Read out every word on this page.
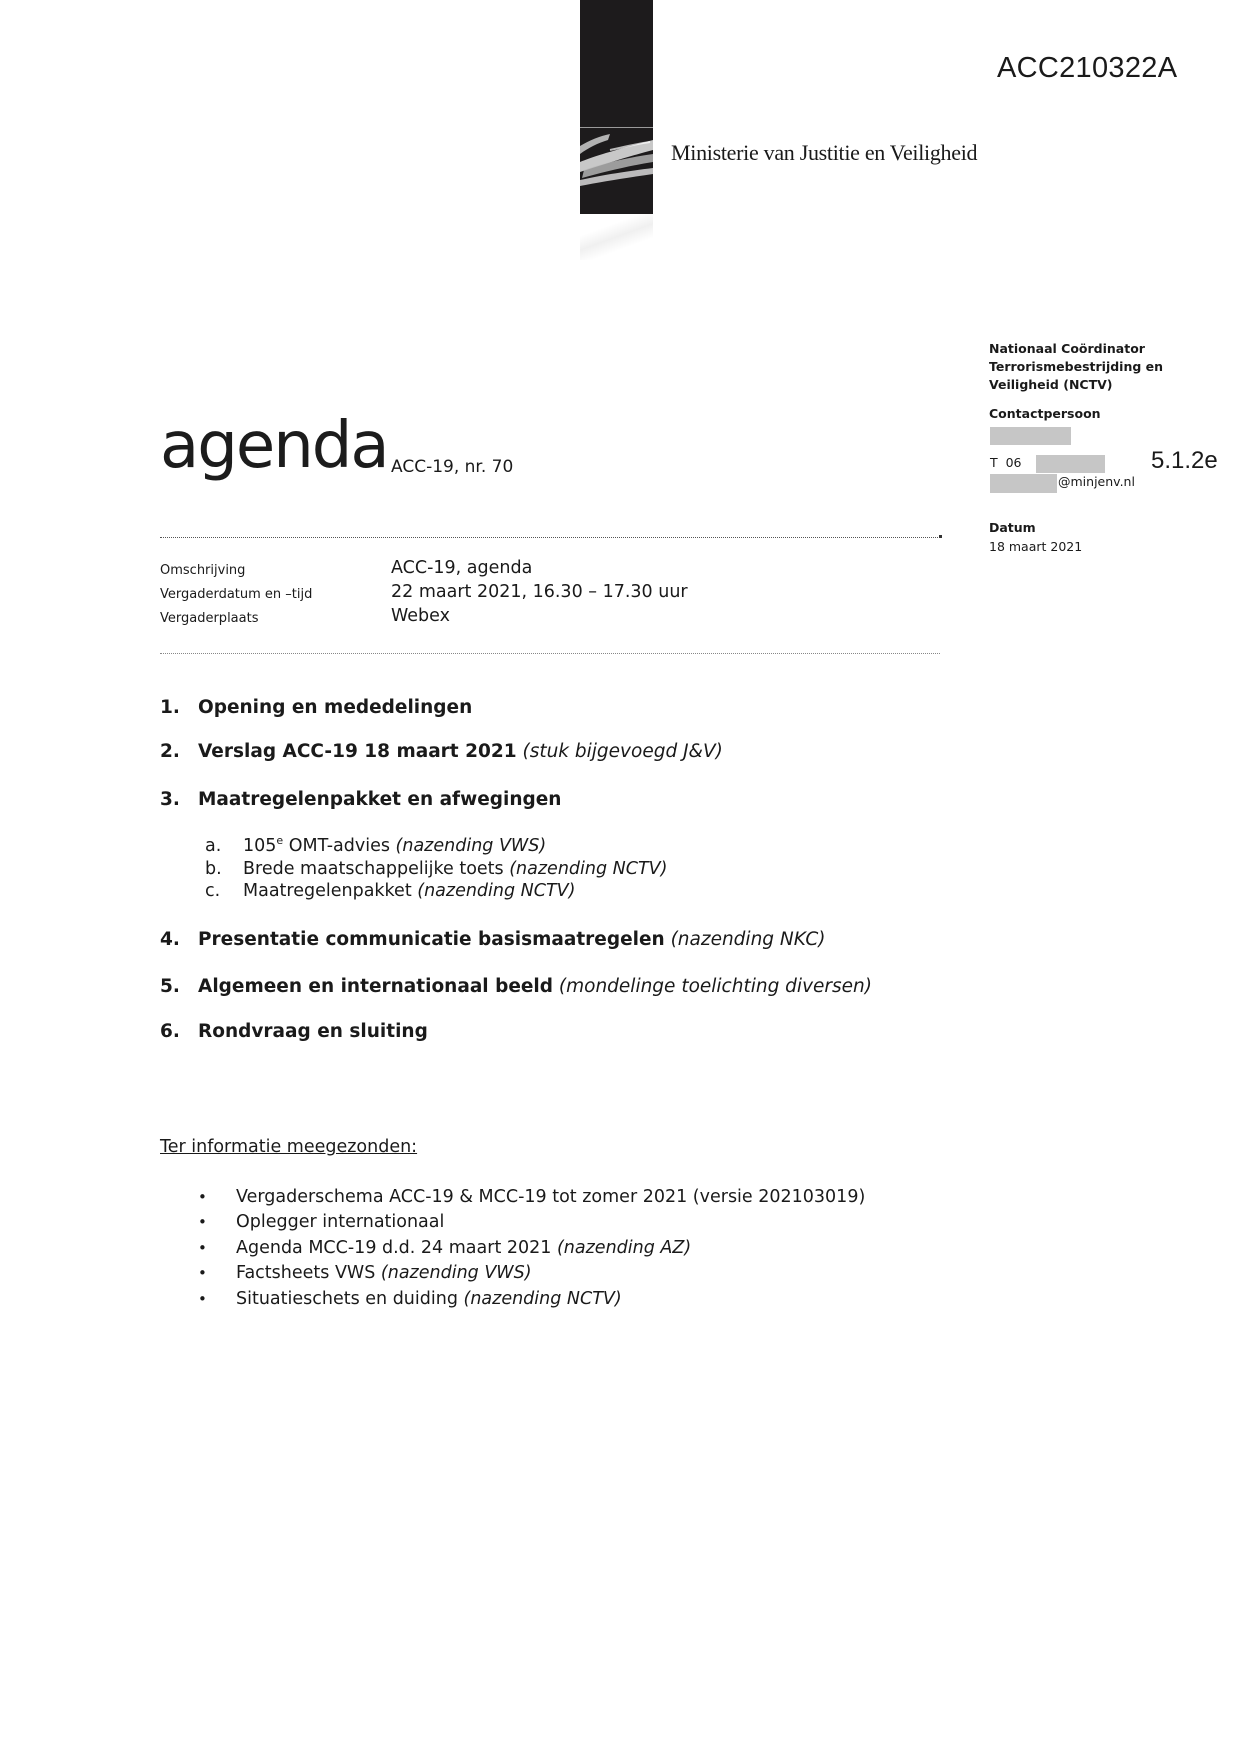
Ministerie van Justitie en Veiligheid
ACC210322A
Nationaal Coördinator Terrorismebestrijding en Veiligheid (NCTV)
Contactpersoon
T  06
@minjenv.nl
5.1.2e
Datum
18 maart 2021
agenda ACC-19, nr. 70
Omschrijving	ACC-19, agenda
Vergaderdatum en –tijd	22 maart 2021, 16.30 – 17.30 uur
Vergaderplaats	Webex
1. Opening en mededelingen
2. Verslag ACC-19 18 maart 2021 (stuk bijgevoegd J&V)
3. Maatregelenpakket en afwegingen
a. 105e OMT-advies (nazending VWS)
b. Brede maatschappelijke toets (nazending NCTV)
c. Maatregelenpakket (nazending NCTV)
4. Presentatie communicatie basismaatregelen (nazending NKC)
5. Algemeen en internationaal beeld (mondelinge toelichting diversen)
6. Rondvraag en sluiting
Ter informatie meegezonden:
• Vergaderschema ACC-19 & MCC-19 tot zomer 2021 (versie 202103019)
• Oplegger internationaal
• Agenda MCC-19 d.d. 24 maart 2021 (nazending AZ)
• Factsheets VWS (nazending VWS)
• Situatieschets en duiding (nazending NCTV)
